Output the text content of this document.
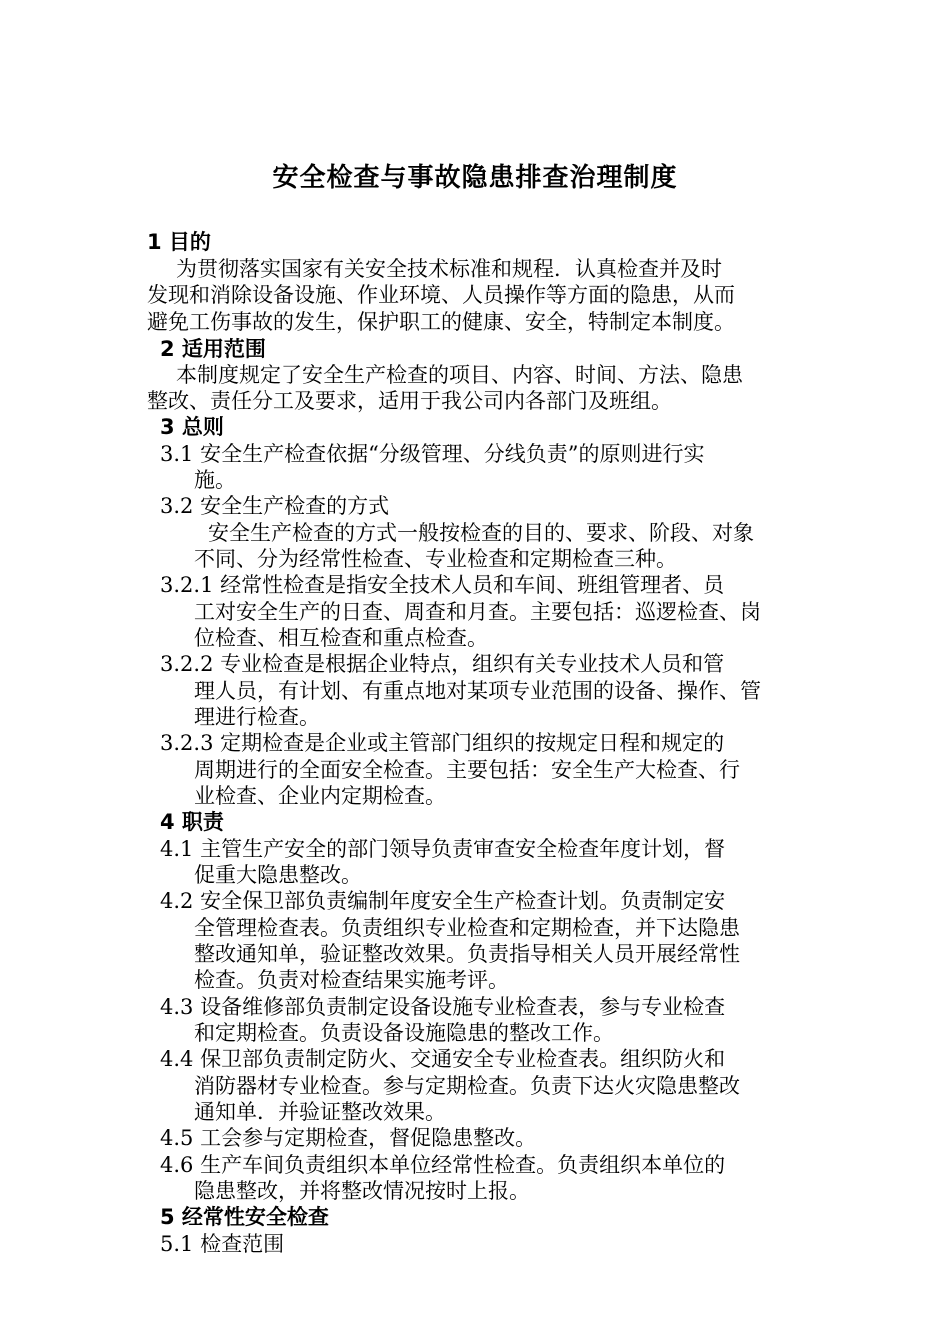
安全检查与事故隐患排查治理制度
1 目的
为贯彻落实国家有关安全技术标准和规程．认真检查并及时
发现和消除设备设施、作业环境、人员操作等方面的隐患，从而
避免工伤事故的发生，保护职工的健康、安全，特制定本制度。
2 适用范围
本制度规定了安全生产检查的项目、内容、时间、方法、隐患
整改、责任分工及要求，适用于我公司内各部门及班组。
3 总则
3.1 安全生产检查依据“分级管理、分线负责”的原则进行实
施。
3.2 安全生产检查的方式
安全生产检查的方式一般按检查的目的、要求、阶段、对象
不同、分为经常性检查、专业检查和定期检查三种。
3.2.1 经常性检查是指安全技术人员和车间、班组管理者、员
工对安全生产的日查、周查和月查。主要包括：巡逻检查、岗
位检查、相互检查和重点检查。
3.2.2 专业检查是根据企业特点，组织有关专业技术人员和管
理人员，有计划、有重点地对某项专业范围的设备、操作、管
理进行检查。
3.2.3 定期检查是企业或主管部门组织的按规定日程和规定的
周期进行的全面安全检查。主要包括：安全生产大检查、行
业检查、企业内定期检查。
4 职责
4.1 主管生产安全的部门领导负责审查安全检查年度计划，督
促重大隐患整改。
4.2 安全保卫部负责编制年度安全生产检查计划。负责制定安
全管理检查表。负责组织专业检查和定期检查，并下达隐患
整改通知单，验证整改效果。负责指导相关人员开展经常性
检查。负责对检查结果实施考评。
4.3 设备维修部负责制定设备设施专业检查表，参与专业检查
和定期检查。负责设备设施隐患的整改工作。
4.4 保卫部负责制定防火、交通安全专业检查表。组织防火和
消防器材专业检查。参与定期检查。负责下达火灾隐患整改
通知单．并验证整改效果。
4.5 工会参与定期检查，督促隐患整改。
4.6 生产车间负责组织本单位经常性检查。负责组织本单位的
隐患整改，并将整改情况按时上报。
5 经常性安全检查
5.1 检查范围
